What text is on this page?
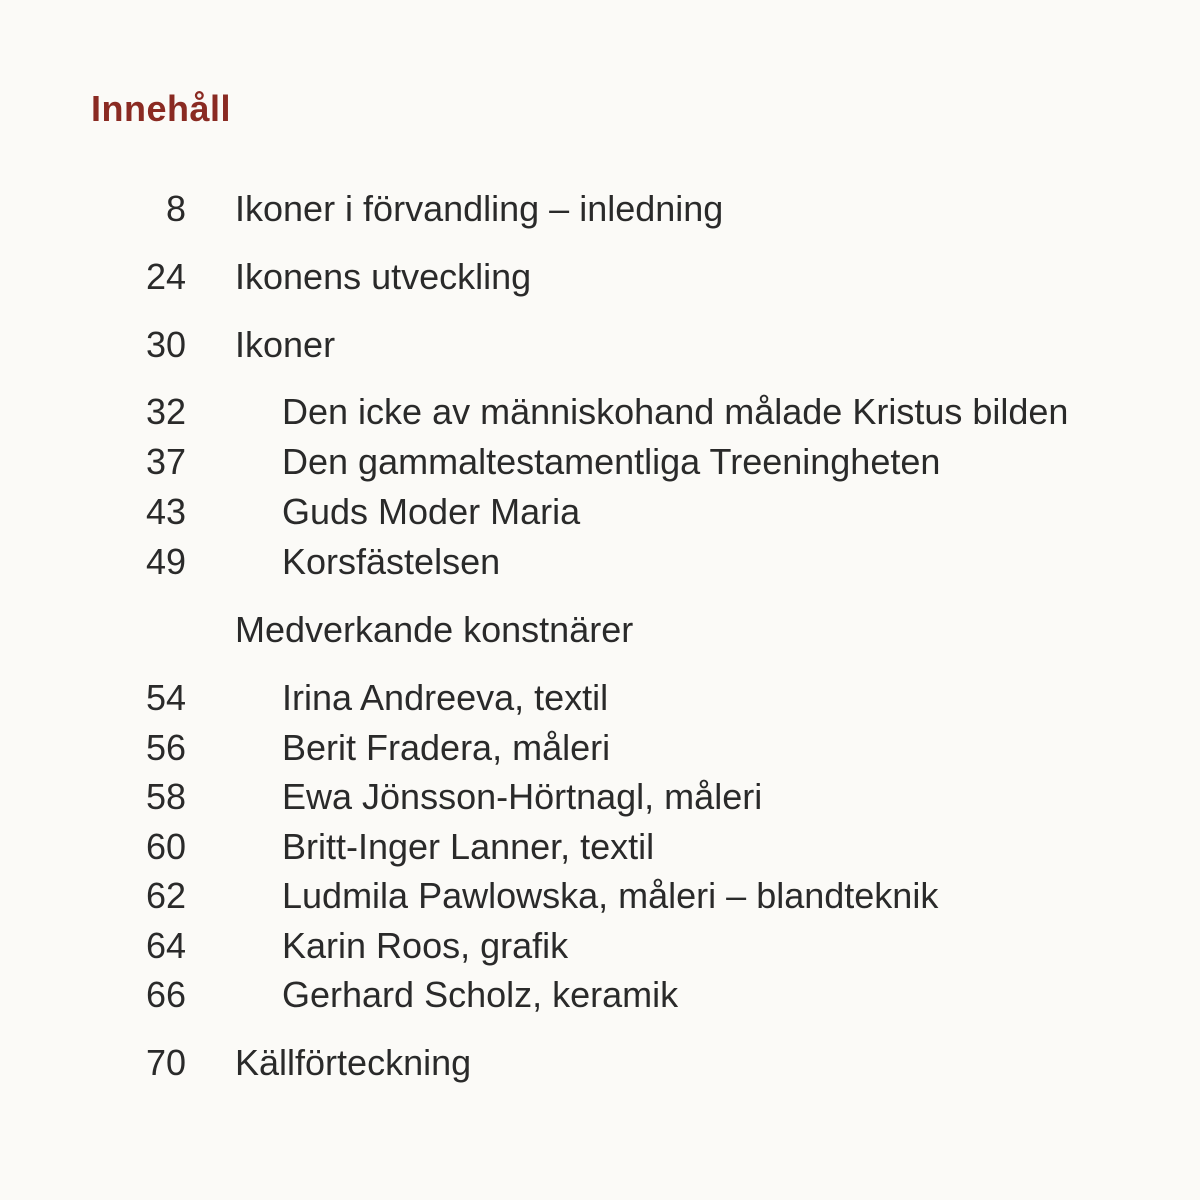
Innehåll
8 Ikoner i förvandling – inledning
24 Ikonens utveckling
30 Ikoner
32	Den icke av människohand målade Kristus bilden
37	Den gammaltestamentliga Treeningheten
43	Guds Moder Maria
49	Korsfästelsen
Medverkande konstnärer
54	Irina Andreeva, textil
56	Berit Fradera, måleri
58	Ewa Jönsson-Hörtnagl, måleri
60	Britt-Inger Lanner, textil
62	Ludmila Pawlowska, måleri – blandteknik
64	Karin Roos, grafik
66	Gerhard Scholz, keramik
70 Källförteckning
